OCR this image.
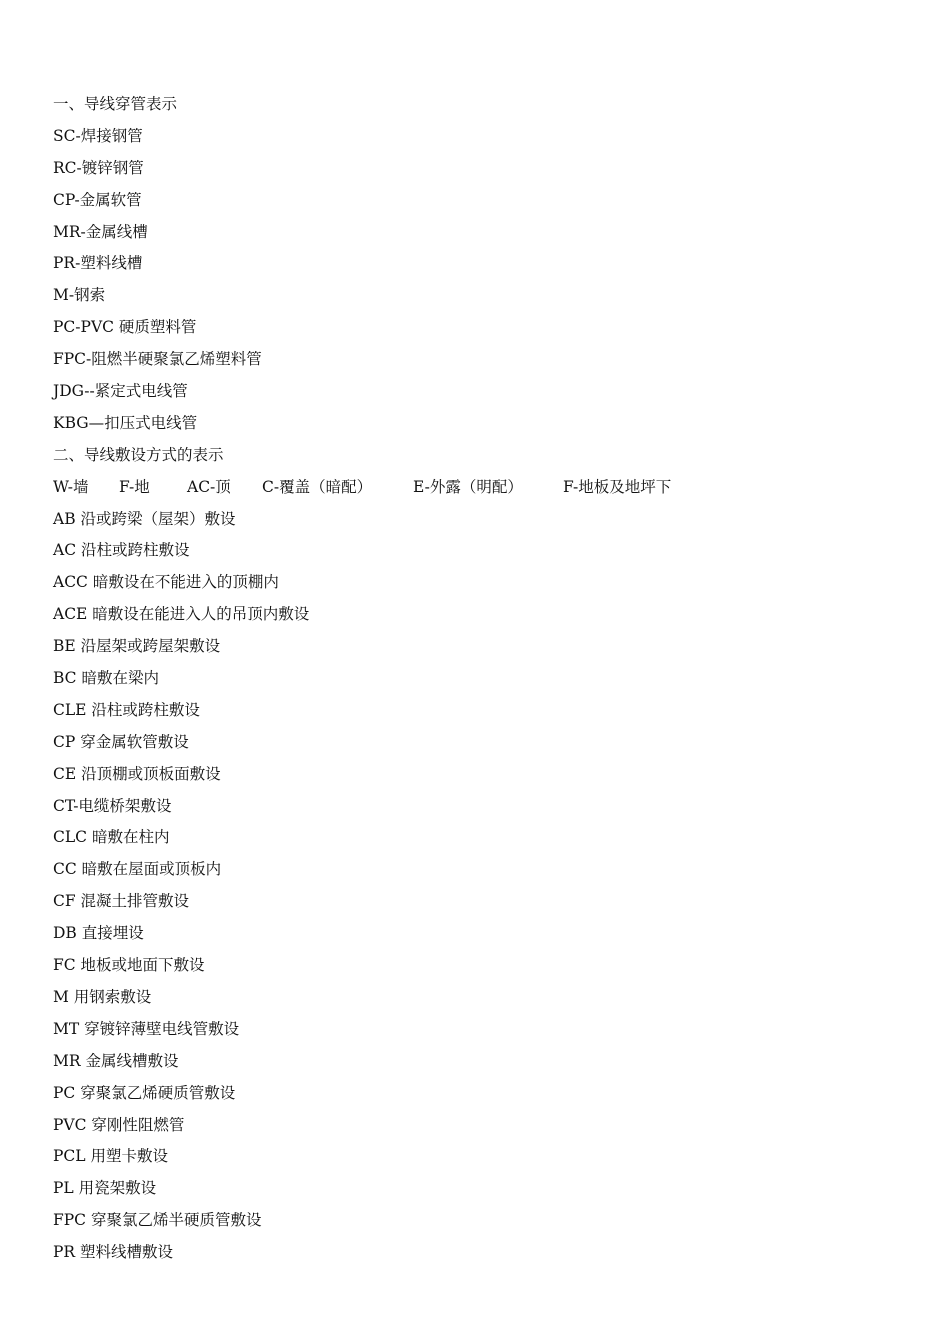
一、导线穿管表示
SC-焊接钢管
RC-镀锌钢管
CP-金属软管
MR-金属线槽
PR-塑料线槽
M-钢索
PC-PVC 硬质塑料管
FPC-阻燃半硬聚氯乙烯塑料管
JDG--紧定式电线管
KBG—扣压式电线管
二、导线敷设方式的表示
W-墙	F-地	AC-顶	C-覆盖（暗配）	E-外露（明配）	F-地板及地坪下
AB 沿或跨梁（屋架）敷设
AC 沿柱或跨柱敷设
ACC 暗敷设在不能进入的顶棚内
ACE 暗敷设在能进入人的吊顶内敷设
BE 沿屋架或跨屋架敷设
BC 暗敷在梁内
CLE 沿柱或跨柱敷设
CP 穿金属软管敷设
CE 沿顶棚或顶板面敷设
CT-电缆桥架敷设
CLC 暗敷在柱内
CC 暗敷在屋面或顶板内
CF 混凝土排管敷设
DB 直接埋设
FC 地板或地面下敷设
M 用钢索敷设
MT 穿镀锌薄壁电线管敷设
MR 金属线槽敷设
PC 穿聚氯乙烯硬质管敷设
PVC 穿刚性阻燃管
PCL 用塑卡敷设
PL 用瓷架敷设
FPC 穿聚氯乙烯半硬质管敷设
PR 塑料线槽敷设
